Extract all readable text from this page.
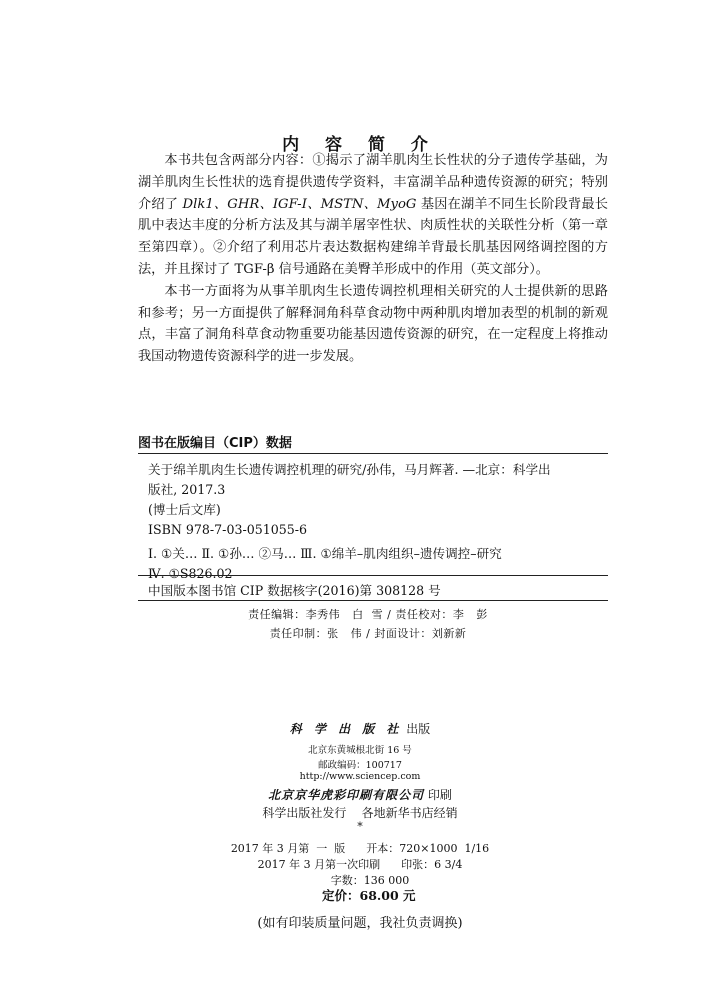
内 容 简 介

本书共包含两部分内容：①揭示了湖羊肌肉生长性状的分子遗传学基础，为湖羊肌肉生长性状的选育提供遗传学资料，丰富湖羊品种遗传资源的研究；特别介绍了 Dlk1、GHR、IGF-Ⅰ、MSTN、MyoG 基因在湖羊不同生长阶段背最长肌中表达丰度的分析方法及其与湖羊屠宰性状、肉质性状的关联性分析（第一章至第四章）。②介绍了利用芯片表达数据构建绵羊背最长肌基因网络调控图的方法，并且探讨了 TGF-β 信号通路在美臀羊形成中的作用（英文部分）。

本书一方面将为从事羊肌肉生长遗传调控机理相关研究的人士提供新的思路和参考；另一方面提供了解释洞角科草食动物中两种肌肉增加表型的机制的新观点，丰富了洞角科草食动物重要功能基因遗传资源的研究，在一定程度上将推动我国动物遗传资源科学的进一步发展。

图书在版编目（CIP）数据
关于绵羊肌肉生长遗传调控机理的研究/孙伟，马月辉著. —北京：科学出
版社, 2017.3
(博士后文库)
ISBN 978-7-03-051055-6
Ⅰ. ①关… Ⅱ. ①孙… ②马… Ⅲ. ①绵羊–肌肉组织–遗传调控–研究
Ⅳ. ①S826.02
中国版本图书馆 CIP 数据核字(2016)第 308128 号
责任编辑：李秀伟   白  雪 / 责任校对：李   彭
责任印制：张   伟 / 封面设计：刘新新
科 学 出 版 社 出版
北京东黄城根北街 16 号
邮政编码：100717
http://www.sciencep.com
北京京华虎彩印刷有限公司 印刷
科学出版社发行    各地新华书店经销
*
2017 年 3 月第  一  版      开本：720×1000  1/16
2017 年 3 月第一次印刷      印张：6 3/4
字数：136 000
定价：68.00 元
(如有印装质量问题，我社负责调换)
